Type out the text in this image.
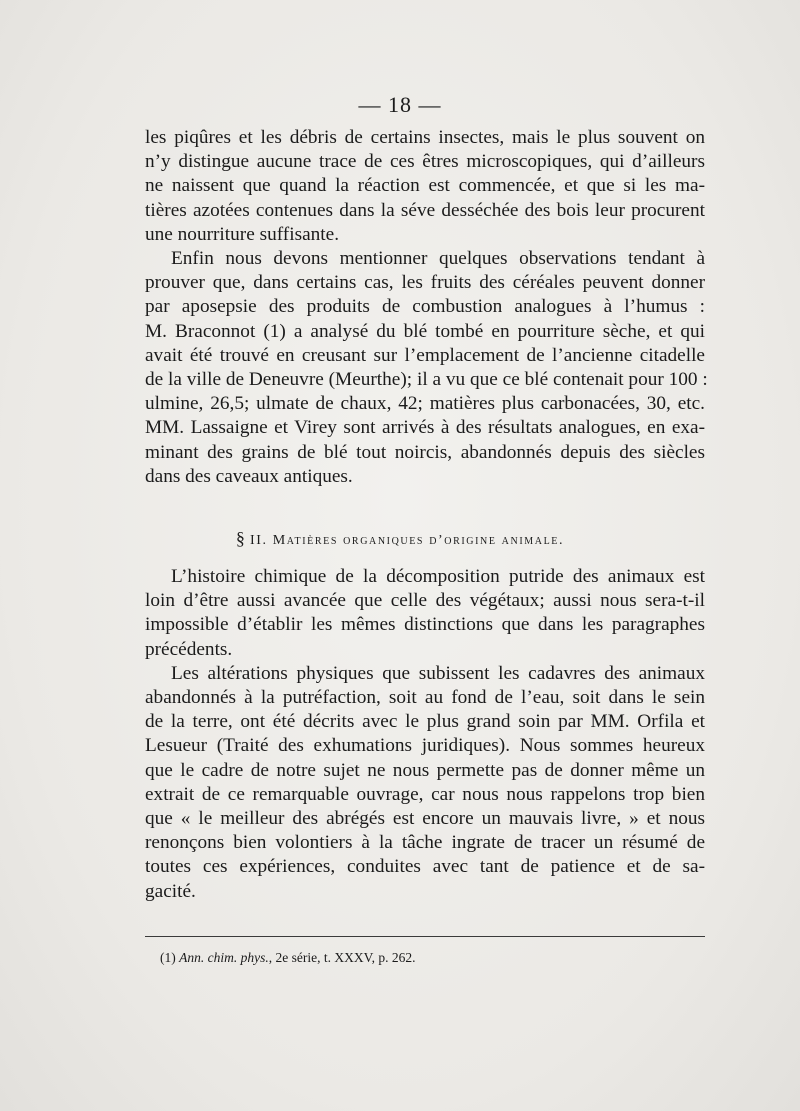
— 18 —
les piqûres et les débris de certains insectes, mais le plus souvent on
n’y distingue aucune trace de ces êtres microscopiques, qui d’ailleurs
ne naissent que quand la réaction est commencée, et que si les ma-
tières azotées contenues dans la séve desséchée des bois leur procurent
une nourriture suffisante.
Enfin nous devons mentionner quelques observations tendant à
prouver que, dans certains cas, les fruits des céréales peuvent donner
par aposepsie des produits de combustion analogues à l’humus :
M. Braconnot (1) a analysé du blé tombé en pourriture sèche, et qui
avait été trouvé en creusant sur l’emplacement de l’ancienne citadelle
de la ville de Deneuvre (Meurthe); il a vu que ce blé contenait pour 100 :
ulmine, 26,5; ulmate de chaux, 42; matières plus carbonacées, 30, etc.
MM. Lassaigne et Virey sont arrivés à des résultats analogues, en exa-
minant des grains de blé tout noircis, abandonnés depuis des siècles
dans des caveaux antiques.
§ II. Matières organiques d’origine animale.
L’histoire chimique de la décomposition putride des animaux est
loin d’être aussi avancée que celle des végétaux; aussi nous sera-t-il
impossible d’établir les mêmes distinctions que dans les paragraphes
précédents.
Les altérations physiques que subissent les cadavres des animaux
abandonnés à la putréfaction, soit au fond de l’eau, soit dans le sein
de la terre, ont été décrits avec le plus grand soin par MM. Orfila et
Lesueur (Traité des exhumations juridiques). Nous sommes heureux
que le cadre de notre sujet ne nous permette pas de donner même un
extrait de ce remarquable ouvrage, car nous nous rappelons trop bien
que « le meilleur des abrégés est encore un mauvais livre, » et nous
renonçons bien volontiers à la tâche ingrate de tracer un résumé de
toutes ces expériences, conduites avec tant de patience et de sa-
gacité.
(1) Ann. chim. phys., 2e série, t. XXXV, p. 262.
